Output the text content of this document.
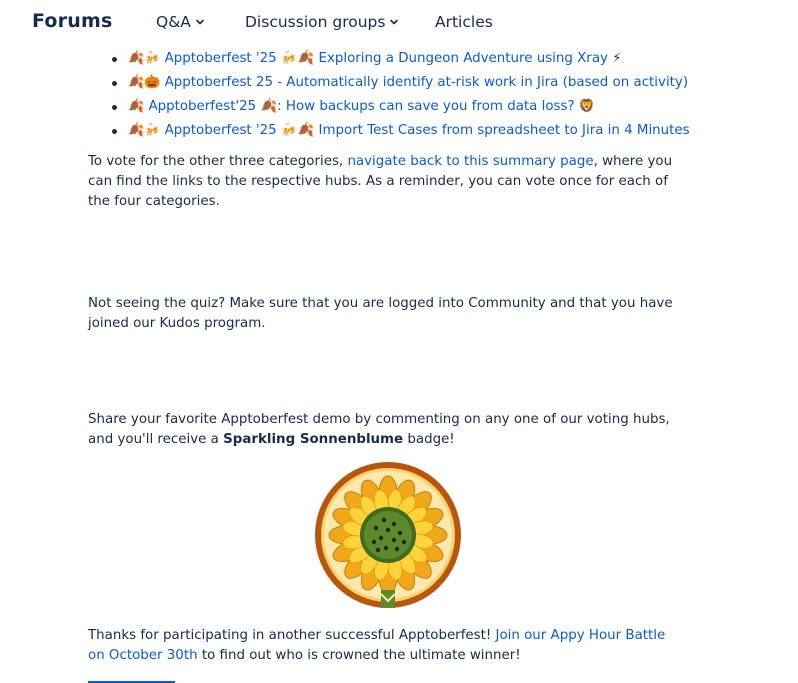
Forums	Q&A	Discussion groups	Articles
🍂🍻 Apptoberfest '25 🍻🍂 Exploring a Dungeon Adventure using Xray ⚡
🍂🎃 Apptoberfest 25 - Automatically identify at-risk work in Jira (based on activity)
🍂 Apptoberfest'25 🍂: How backups can save you from data loss? 🦁
🍂🍻 Apptoberfest '25 🍻🍂 Import Test Cases from spreadsheet to Jira in 4 Minutes

To vote for the other three categories, navigate back to this summary page, where you can find the links to the respective hubs. As a reminder, you can vote once for each of the four categories.

Not seeing the quiz? Make sure that you are logged into Community and that you have joined our Kudos program.

Share your favorite Apptoberfest demo by commenting on any one of our voting hubs, and you'll receive a Sparkling Sonnenblume badge!

Thanks for participating in another successful Apptoberfest! Join our Appy Hour Battle on October 30th to find out who is crowned the ultimate winner!
